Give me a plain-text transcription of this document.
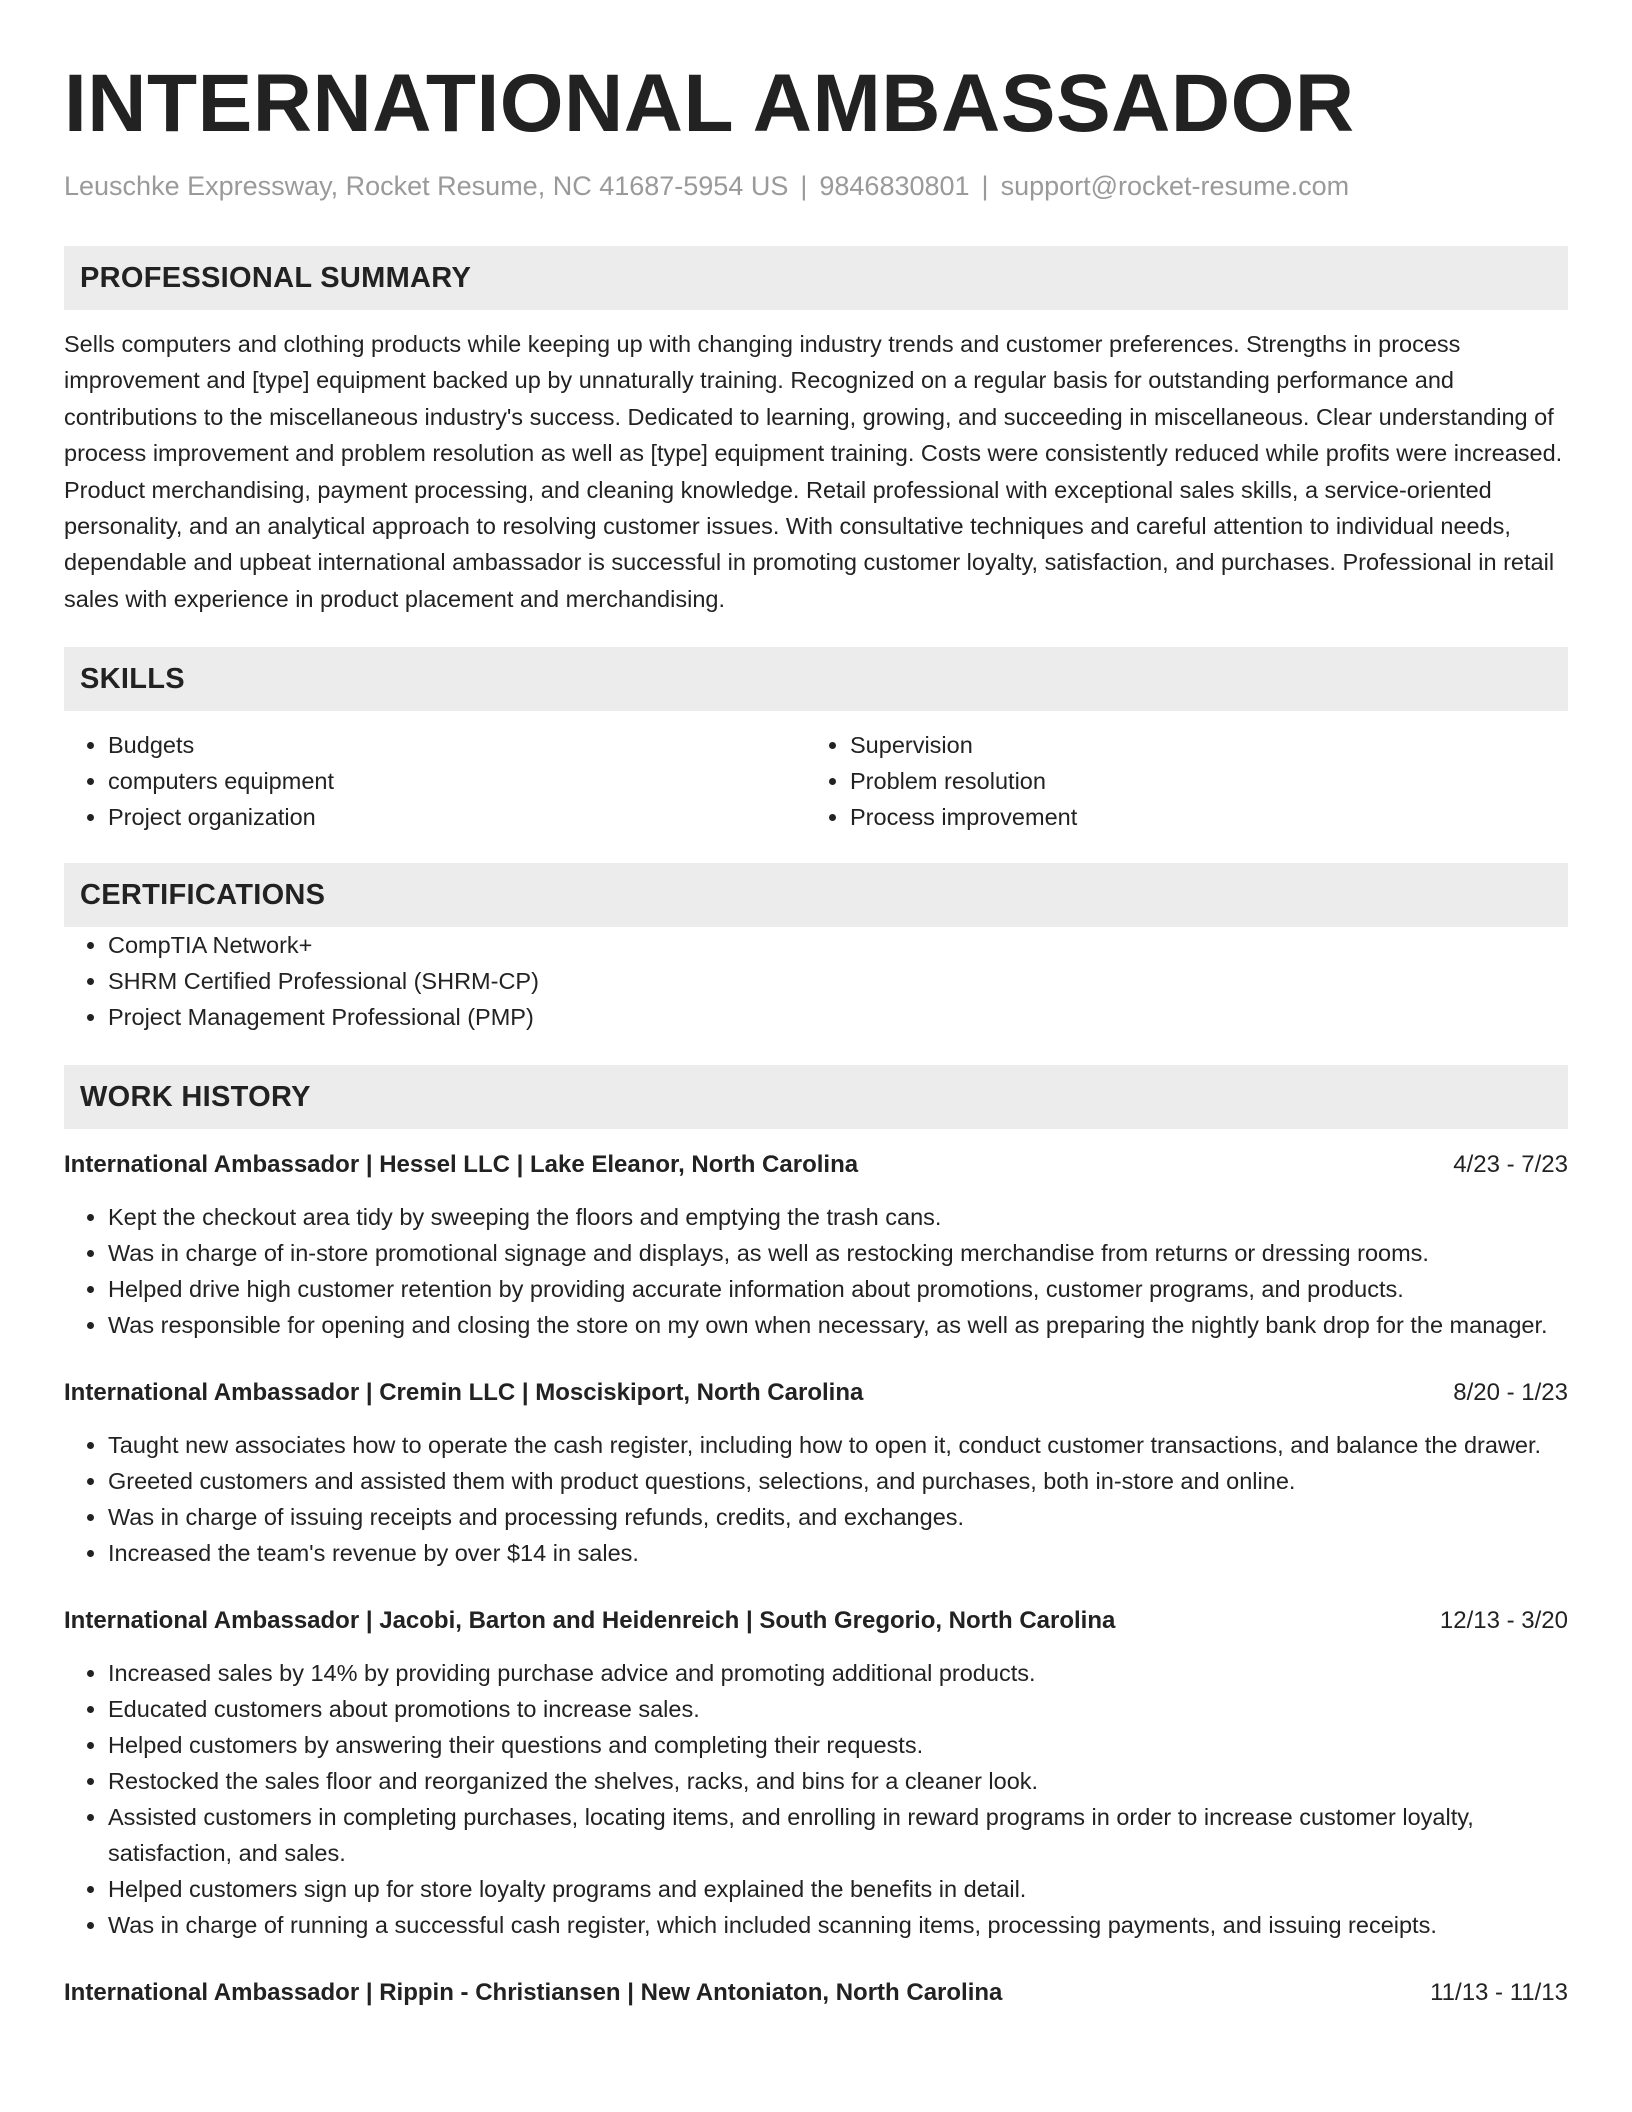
INTERNATIONAL AMBASSADOR
Leuschke Expressway, Rocket Resume, NC 41687-5954 US | 9846830801 | support@rocket-resume.com
PROFESSIONAL SUMMARY
Sells computers and clothing products while keeping up with changing industry trends and customer preferences. Strengths in process improvement and [type] equipment backed up by unnaturally training. Recognized on a regular basis for outstanding performance and contributions to the miscellaneous industry's success. Dedicated to learning, growing, and succeeding in miscellaneous. Clear understanding of process improvement and problem resolution as well as [type] equipment training. Costs were consistently reduced while profits were increased. Product merchandising, payment processing, and cleaning knowledge. Retail professional with exceptional sales skills, a service-oriented personality, and an analytical approach to resolving customer issues. With consultative techniques and careful attention to individual needs, dependable and upbeat international ambassador is successful in promoting customer loyalty, satisfaction, and purchases. Professional in retail sales with experience in product placement and merchandising.
SKILLS
• Budgets
• computers equipment
• Project organization
• Supervision
• Problem resolution
• Process improvement
CERTIFICATIONS
• CompTIA Network+
• SHRM Certified Professional (SHRM-CP)
• Project Management Professional (PMP)
WORK HISTORY
International Ambassador | Hessel LLC | Lake Eleanor, North Carolina	4/23 - 7/23
• Kept the checkout area tidy by sweeping the floors and emptying the trash cans.
• Was in charge of in-store promotional signage and displays, as well as restocking merchandise from returns or dressing rooms.
• Helped drive high customer retention by providing accurate information about promotions, customer programs, and products.
• Was responsible for opening and closing the store on my own when necessary, as well as preparing the nightly bank drop for the manager.
International Ambassador | Cremin LLC | Mosciskiport, North Carolina	8/20 - 1/23
• Taught new associates how to operate the cash register, including how to open it, conduct customer transactions, and balance the drawer.
• Greeted customers and assisted them with product questions, selections, and purchases, both in-store and online.
• Was in charge of issuing receipts and processing refunds, credits, and exchanges.
• Increased the team's revenue by over $14 in sales.
International Ambassador | Jacobi, Barton and Heidenreich | South Gregorio, North Carolina	12/13 - 3/20
• Increased sales by 14% by providing purchase advice and promoting additional products.
• Educated customers about promotions to increase sales.
• Helped customers by answering their questions and completing their requests.
• Restocked the sales floor and reorganized the shelves, racks, and bins for a cleaner look.
• Assisted customers in completing purchases, locating items, and enrolling in reward programs in order to increase customer loyalty, satisfaction, and sales.
• Helped customers sign up for store loyalty programs and explained the benefits in detail.
• Was in charge of running a successful cash register, which included scanning items, processing payments, and issuing receipts.
International Ambassador | Rippin - Christiansen | New Antoniaton, North Carolina	11/13 - 11/13
